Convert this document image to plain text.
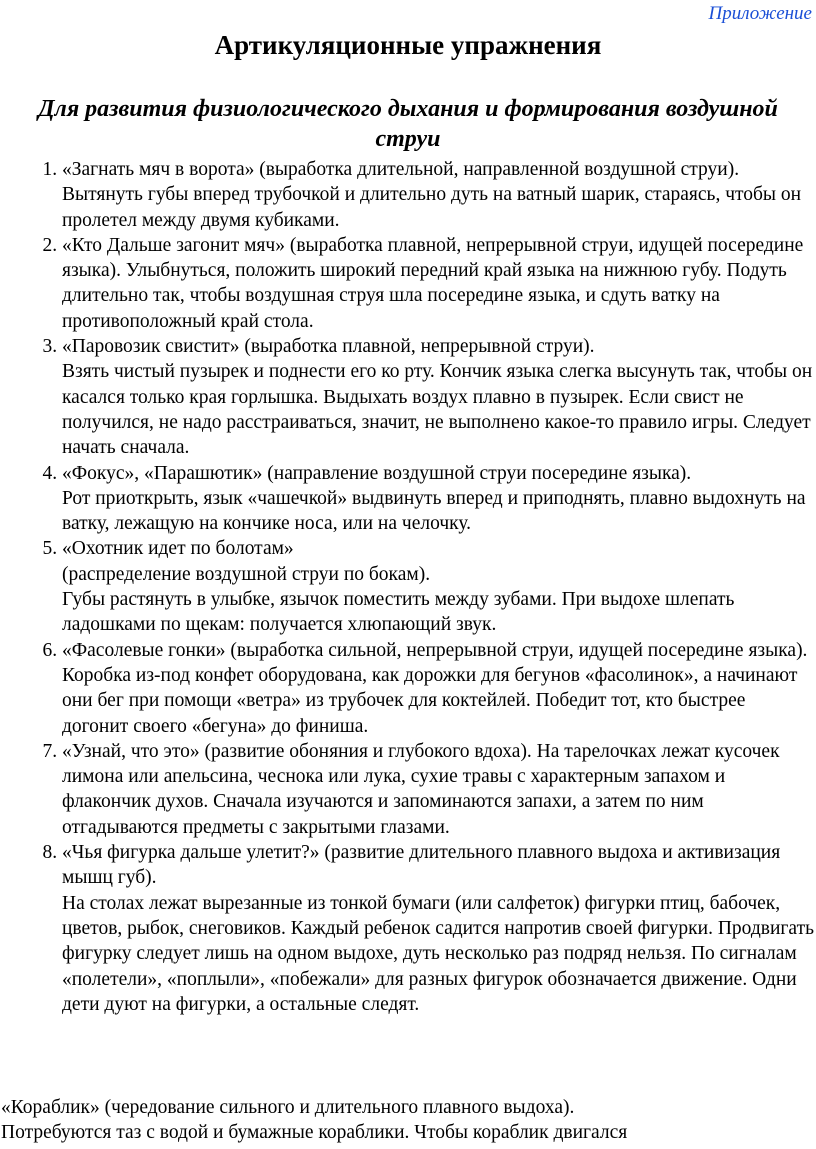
Приложение
Артикуляционные упражнения
Для развития физиологического дыхания и формирования воздушной струи

1. «Загнать мяч в ворота» (выработка длительной, направленной воздушной струи).

Вытянуть губы вперед трубочкой и длительно дуть на ватный шарик, стараясь, чтобы он пролетел между двумя кубиками.

2. «Кто Дальше загонит мяч» (выработка плавной, непрерывной струи, идущей посередине языка). Улыбнуться, положить широкий передний край языка на нижнюю губу. Подуть длительно так, чтобы воздушная струя шла посередине языка, и сдуть ватку на противоположный край стола.

3. «Паровозик свистит» (выработка плавной, непрерывной струи).

Взять чистый пузырек и поднести его ко рту. Кончик языка слегка высунуть так, чтобы он касался только края горлышка. Выдыхать воздух плавно в пузырек. Если свист не получился, не надо расстраиваться, значит, не выполнено какое-то правило игры. Следует начать сначала.

4. «Фокус», «Парашютик» (направление воздушной струи посередине языка).

Рот приоткрыть, язык «чашечкой» выдвинуть вперед и приподнять, плавно выдохнуть на ватку, лежащую на кончике носа, или на челочку.

5. «Охотник идет по болотам»

(распределение воздушной струи по бокам).

Губы растянуть в улыбке, язычок поместить между зубами. При выдохе шлепать ладошками по щекам: получается хлюпающий звук.

6. «Фасолевые гонки» (выработка сильной, непрерывной струи, идущей посередине языка).

Коробка из-под конфет оборудована, как дорожки для бегунов «фасолинок», а начинают они бег при помощи «ветра» из трубочек для коктейлей. Победит тот, кто быстрее догонит своего «бегуна» до финиша.

7. «Узнай, что это» (развитие обоняния и глубокого вдоха). На тарелочках лежат кусочек лимона или апельсина, чеснока или лука, сухие травы с характерным запахом и флакончик духов. Сначала изучаются и запоминаются запахи, а затем по ним отгадываются предметы с закрытыми глазами.

8. «Чья фигурка дальше улетит?» (развитие длительного плавного выдоха и активизация мышц губ).

На столах лежат вырезанные из тонкой бумаги (или салфеток) фигурки птиц, бабочек, цветов, рыбок, снеговиков. Каждый ребенок садится напротив своей фигурки. Продвигать фигурку следует лишь на одном выдохе, дуть несколько раз подряд нельзя. По сигналам «полетели», «поплыли», «побежали» для разных фигурок обозначается движение. Одни дети дуют на фигурки, а остальные следят.

«Кораблик» (чередование сильного и длительного плавного выдоха).

Потребуются таз с водой и бумажные кораблики. Чтобы кораблик двигался
